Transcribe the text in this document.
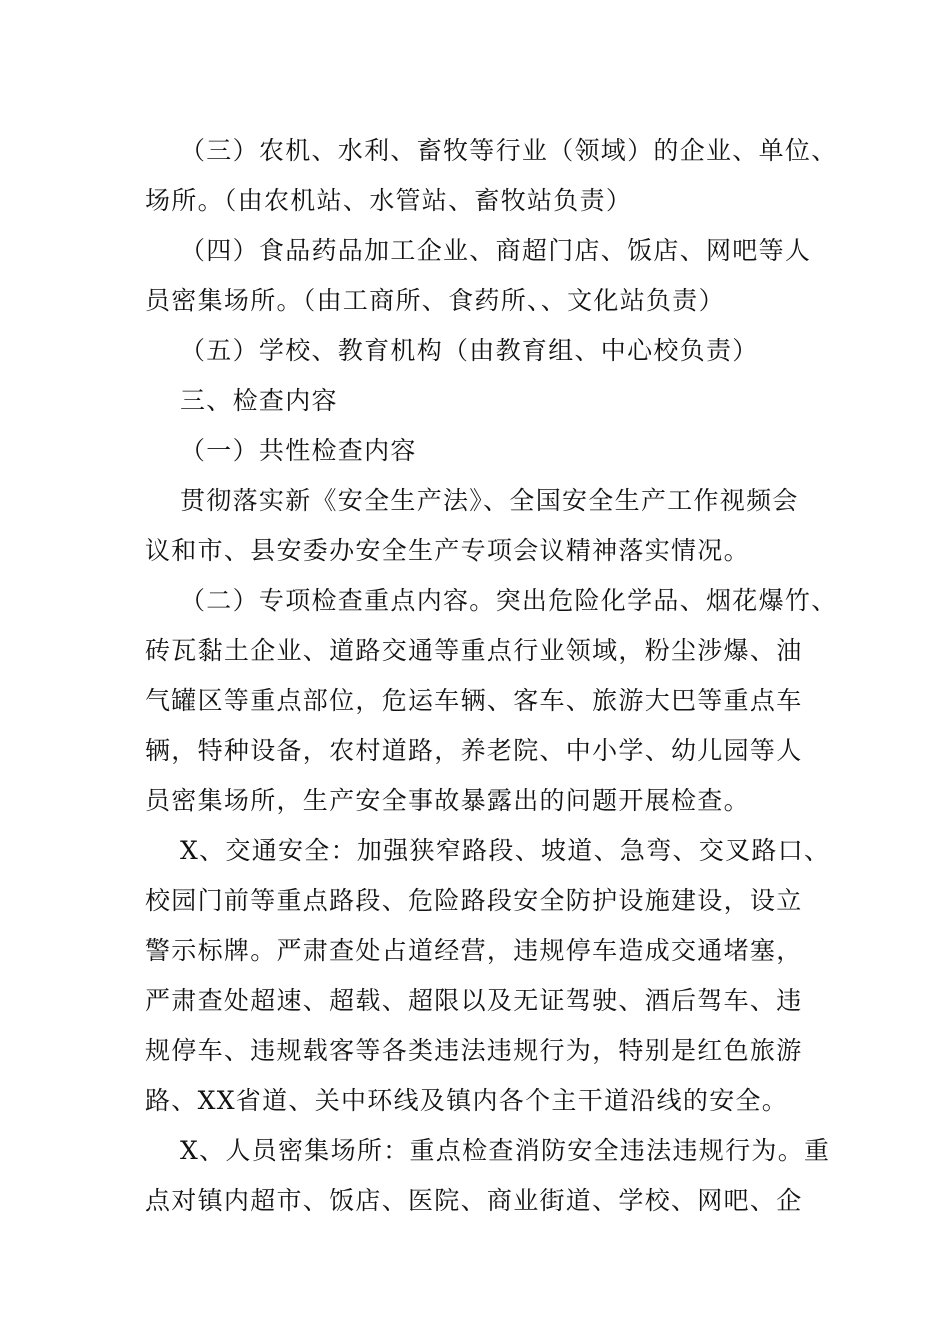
（三）农机、水利、畜牧等行业（领域）的企业、单位、
场所。（由农机站、水管站、畜牧站负责）
（四）食品药品加工企业、商超门店、饭店、网吧等人
员密集场所。（由工商所、食药所、、文化站负责）
（五）学校、教育机构（由教育组、中心校负责）
三、检查内容
（一）共性检查内容
贯彻落实新《安全生产法》、全国安全生产工作视频会
议和市、县安委办安全生产专项会议精神落实情况。
（二）专项检查重点内容。突出危险化学品、烟花爆竹、
砖瓦黏土企业、道路交通等重点行业领域，粉尘涉爆、油
气罐区等重点部位，危运车辆、客车、旅游大巴等重点车
辆，特种设备，农村道路，养老院、中小学、幼儿园等人
员密集场所，生产安全事故暴露出的问题开展检查。
X、交通安全：加强狭窄路段、坡道、急弯、交叉路口、
校园门前等重点路段、危险路段安全防护设施建设，设立
警示标牌。严肃查处占道经营，违规停车造成交通堵塞，
严肃查处超速、超载、超限以及无证驾驶、酒后驾车、违
规停车、违规载客等各类违法违规行为，特别是红色旅游
路、XX省道、关中环线及镇内各个主干道沿线的安全。
X、人员密集场所：重点检查消防安全违法违规行为。重
点对镇内超市、饭店、医院、商业街道、学校、网吧、企
